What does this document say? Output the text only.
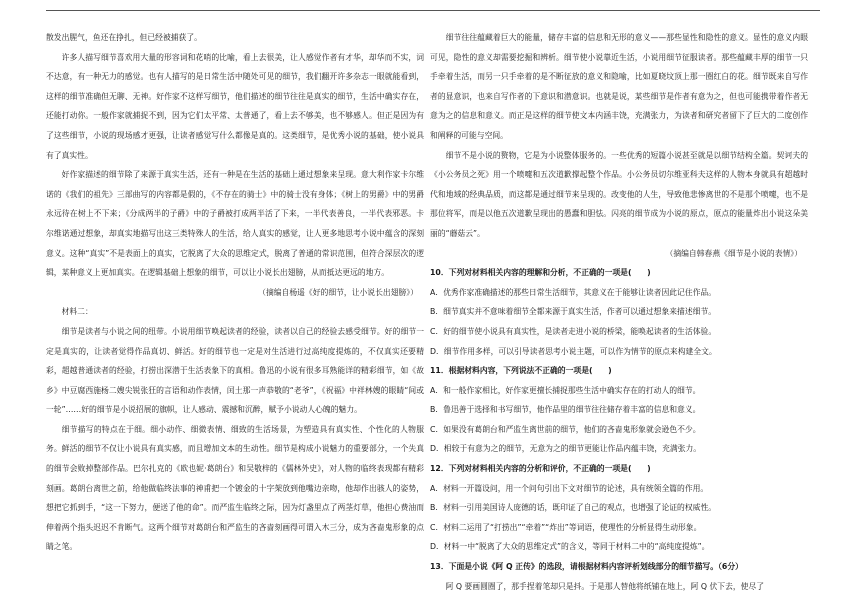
散发出腥气，鱼还在挣扎，但已经被捕获了。

许多人描写细节喜欢用大量的形容词和花哨的比喻，看上去很美，让人感觉作者有才华，却华而不实，词不达意，有一种无力的感觉。也有人描写的是日常生活中随处可见的细节，我们翻开许多杂志一眼就能看到，这样的细节准确但无聊、无神。好作家不这样写细节，他们描述的细节往往是真实的细节，生活中确实存在，还能打动你。一般作家就捕捉不到，因为它们太平常、太普通了，看上去不够美，也不够感人。但正是因为有了这些细节，小说的现场感才更强，让读者感觉写什么都像是真的。这类细节，是优秀小说的基础，使小说具有了真实性。

好作家描述的细节除了来源于真实生活，还有一种是在生活的基础上通过想象来呈现。意大利作家卡尔维诺的《我们的祖先》三部曲写的内容都是假的，《不存在的骑士》中的骑士没有身体；《树上的男爵》中的男爵永远待在树上不下来；《分成两半的子爵》中的子爵被打成两半活了下来，一半代表善良，一半代表邪恶。卡尔维诺通过想象，却真实地描写出这三类特殊人的生活，给人真实的感觉，让人更多地思考小说中蕴含的深刻意义。这种“真实”不是表面上的真实，它脱离了大众的思维定式，脱离了普通的常识范围，但符合深层次的逻辑，某种意义上更加真实。在逻辑基础上想象的细节，可以让小说长出翅膀，从而抵达更远的地方。

（摘编自杨遥《好的细节，让小说长出翅膀》）

材料二：

细节是读者与小说之间的纽带。小说用细节唤起读者的经验，读者以自己的经验去感受细节。好的细节一定是真实的，让读者觉得作品真切、鲜活。好的细节也一定是对生活进行过高纯度提炼的，不仅真实还要精彩，超越普通读者的经验，打捞出深潜于生活表象下的真相。鲁迅的小说有很多耳熟能详的精彩细节，如《故乡》中豆腐西施杨二嫂尖锐张狂的言语和动作表情，闰土那一声恭敬的“老爷”，《祝福》中祥林嫂的眼睛“间或一轮”……好的细节是小说招展的旗帜，让人感动、震撼和沉醉，赋予小说动人心魄的魅力。

细节描写的特点在于细。细小动作、细微表情、细致的生活场景，为塑造具有真实性、个性化的人物服务。鲜活的细节不仅让小说具有真实感，而且增加文本的生动性。细节是构成小说魅力的重要部分，一个失真的细节会败掉整部作品。巴尔扎克的《欧也妮·葛朗台》和吴敬梓的《儒林外史》，对人物的临终表现都有精彩刻画。葛朗台离世之前，给他做临终法事的神甫把一个镀金的十字架放到他嘴边亲吻，他却作出骇人的姿势，想把它抓到手，“这一下努力，便送了他的命”。而严监生临终之际，因为灯盏里点了两茎灯草，他担心费油而伸着两个指头迟迟不肯断气。这两个细节对葛朗台和严监生的吝啬刻画得可谓入木三分，成为吝啬鬼形象的点睛之笔。

细节往往蕴藏着巨大的能量，储存丰富的信息和无形的意义——那些显性和隐性的意义。显性的意义内眼可见，隐性的意义却需要挖掘和辨析。细节使小说靠近生活，小说用细节征服读者。那些蕴藏丰厚的细节一只手牵着生活，而另一只手牵着的是不断征放的意义和隐喻，比如夏晓坟顶上那一圈红白的花。细节既来自写作者的显意识，也来自写作者的下意识和潜意识。也就是说，某些细节是作者有意为之，但也可能携带着作者无意为之的信息和意义。而正是这样的细节使文本内涵丰饶，充满张力，为读者和研究者留下了巨大的二度创作和阐释的可能与空间。

细节不是小说的赘物，它是为小说整体服务的。一些优秀的短篇小说甚至就是以细节结构全篇。契诃夫的《小公务员之死》用一个喷嚏和五次道歉撑起整个作品。小公务员切尔维亚科夫这样的人物本身就具有超越时代和地域的经典品质，而这都是通过细节来呈现的。改变他的人生，导致他悲惨离世的不是那个喷嚏，也不是那位将军，而是以他五次道歉呈现出的愚蠢和胆怯。闪亮的细节成为小说的原点，原点的能量炸出小说这朵美丽的“蘑菇云”。

（摘编自韩春燕《细节是小说的表情》）

10．下列对材料相关内容的理解和分析，不正确的一项是(　　)

A．优秀作家准确描述的那些日常生活细节，其意义在于能够让读者因此记住作品。

B．细节真实并不意味着细节全都来源于真实生活，作者可以通过想象来描述细节。

C．好的细节使小说具有真实性，是读者走进小说的桥梁，能唤起读者的生活体验。

D．细节作用多样，可以引导读者思考小说主题，可以作为情节的原点来构建全文。

11．根据材料内容，下列说法不正确的一项是(　　)

A．和一般作家相比，好作家更擅长捕捉那些生活中确实存在的打动人的细节。

B．鲁迅善于选择和书写细节，他作品里的细节往往储存着丰富的信息和意义。

C．如果没有葛朗台和严监生离世前的细节，他们的吝啬鬼形象就会逊色不少。

D．相较于有意为之的细节，无意为之的细节更能让作品内蕴丰饶，充满张力。

12．下列对材料相关内容的分析和评价，不正确的一项是(　　)

A．材料一开篇设问，用一个问句引出下文对细节的论述，具有统领全篇的作用。

B．材料一引用美国诗人庞德的话，既印证了自己的观点，也增强了论证的权威性。

C．材料二运用了“打捞出”“牵着”“炸出”等词语，使理性的分析显得生动形象。

D．材料一中“脱离了大众的思维定式”的含义，等同于材料二中的“高纯度提炼”。

13．下面是小说《阿 Q 正传》的选段，请根据材料内容评析划线部分的细节描写。（6分）

阿 Q 要画圆圈了，那手捏着笔却只是抖。于是那人替他将纸铺在地上，阿 Q 伏下去，使尽了
